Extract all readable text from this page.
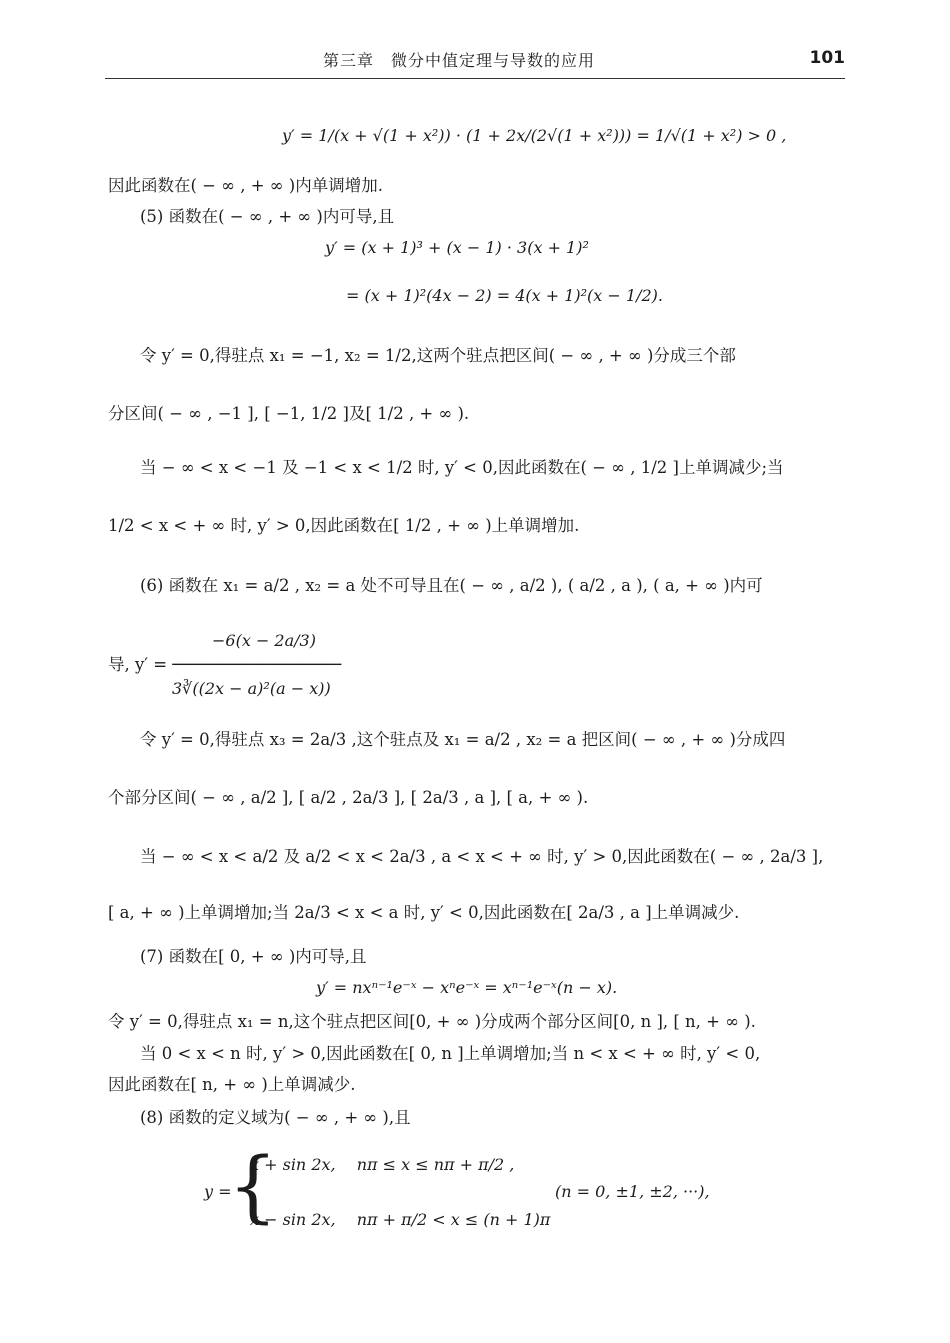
第三章　微分中值定理与导数的应用	101
y′ = 1/(x + √(1 + x²)) · (1 + 2x/(2√(1 + x²))) = 1/√(1 + x²) > 0 ,
因此函数在( − ∞ , + ∞ )内单调增加.
(5) 函数在( − ∞ , + ∞ )内可导,且
y′ = (x + 1)³ + (x − 1) · 3(x + 1)²
= (x + 1)²(4x − 2) = 4(x + 1)²(x − 1/2).
令 y′ = 0,得驻点 x₁ = −1, x₂ = 1/2,这两个驻点把区间( − ∞ , + ∞ )分成三个部
分区间( − ∞ , −1 ], [ −1, 1/2 ]及[ 1/2 , + ∞ ).
当 − ∞ < x < −1 及 −1 < x < 1/2 时, y′ < 0,因此函数在( − ∞ , 1/2 ]上单调减少;当
1/2 < x < + ∞ 时, y′ > 0,因此函数在[ 1/2 , + ∞ )上单调增加.
(6) 函数在 x₁ = a/2 , x₂ = a 处不可导且在( − ∞ , a/2 ), ( a/2 , a ), ( a, + ∞ )内可
−6(x − 2a/3)
导, y′ = ─────────────────
3∛((2x − a)²(a − x))
令 y′ = 0,得驻点 x₃ = 2a/3 ,这个驻点及 x₁ = a/2 , x₂ = a 把区间( − ∞ , + ∞ )分成四
个部分区间( − ∞ , a/2 ], [ a/2 , 2a/3 ], [ 2a/3 , a ], [ a, + ∞ ).
当 − ∞ < x < a/2 及 a/2 < x < 2a/3 , a < x < + ∞ 时, y′ > 0,因此函数在( − ∞ , 2a/3 ],
[ a, + ∞ )上单调增加;当 2a/3 < x < a 时, y′ < 0,因此函数在[ 2a/3 , a ]上单调减少.
(7) 函数在[ 0, + ∞ )内可导,且
y′ = nxⁿ⁻¹e⁻ˣ − xⁿe⁻ˣ = xⁿ⁻¹e⁻ˣ(n − x).
令 y′ = 0,得驻点 x₁ = n,这个驻点把区间[0, + ∞ )分成两个部分区间[0, n ], [ n, + ∞ ).
当 0 < x < n 时, y′ > 0,因此函数在[ 0, n ]上单调增加;当 n < x < + ∞ 时, y′ < 0,
因此函数在[ n, + ∞ )上单调减少.
(8) 函数的定义域为( − ∞ , + ∞ ),且
x + sin 2x,　 nπ ≤ x ≤ nπ + π/2 ,
y =
{	(n = 0, ±1, ±2, ···),
x − sin 2x,　 nπ + π/2 < x ≤ (n + 1)π
